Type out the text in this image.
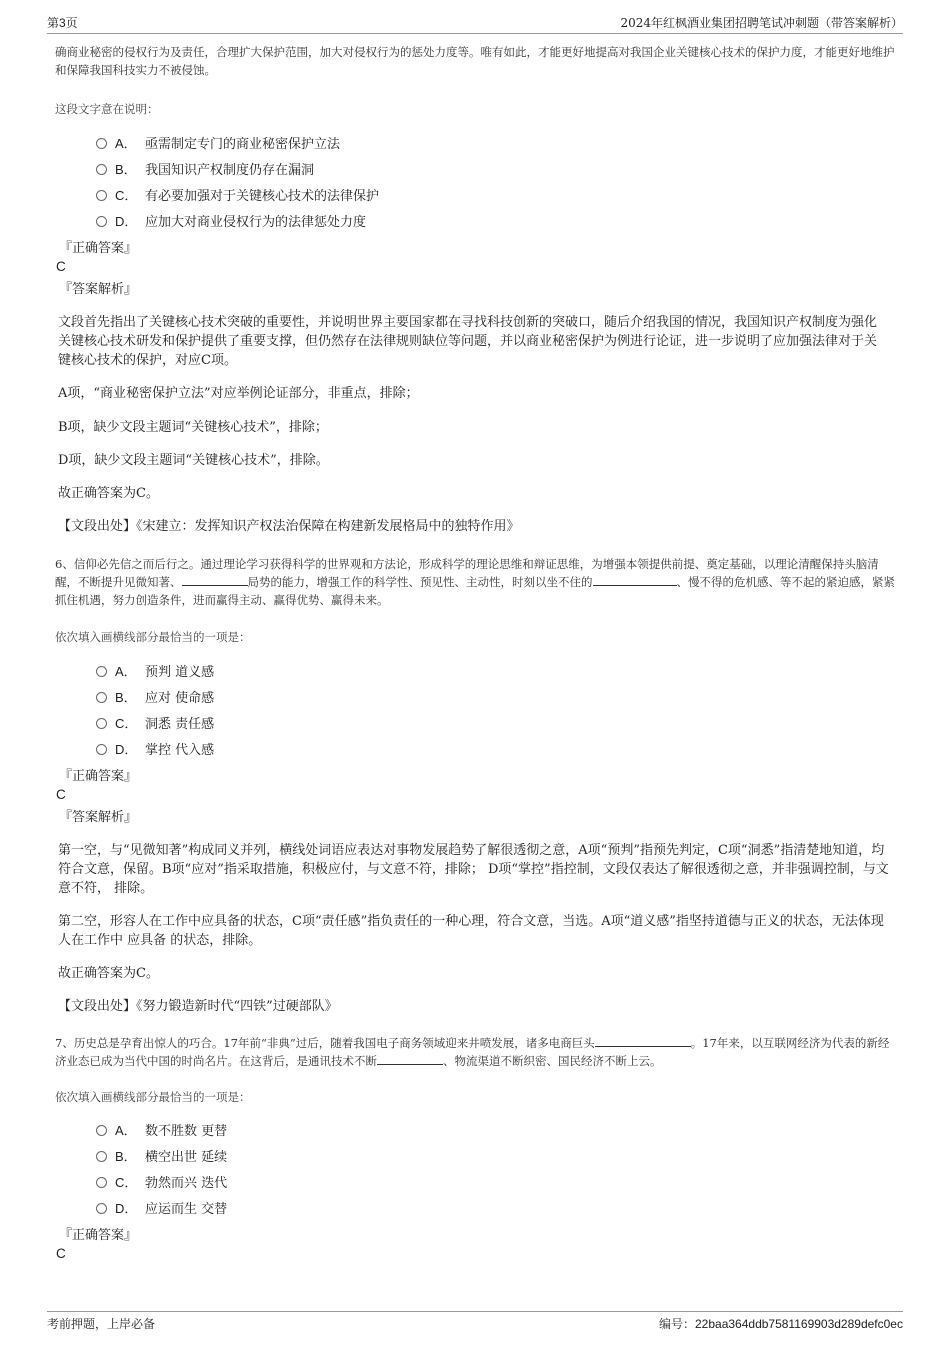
第3页	2024年红枫酒业集团招聘笔试冲刺题（带答案解析）
确商业秘密的侵权行为及责任，合理扩大保护范围，加大对侵权行为的惩处力度等。唯有如此，才能更好地提高对我国企业关键核心技术的保护力度，才能更好地维护和保障我国科技实力不被侵蚀。
这段文字意在说明：
A． 亟需制定专门的商业秘密保护立法
B． 我国知识产权制度仍存在漏洞
C． 有必要加强对于关键核心技术的法律保护
D． 应加大对商业侵权行为的法律惩处力度
『正确答案』
C
『答案解析』
文段首先指出了关键核心技术突破的重要性，并说明世界主要国家都在寻找科技创新的突破口，随后介绍我国的情况，我国知识产权制度为强化关键核心技术研发和保护提供了重要支撑，但仍然存在法律规则缺位等问题，并以商业秘密保护为例进行论证，进一步说明了应加强法律对于关键核心技术的保护，对应C项。
A项，“商业秘密保护立法”对应举例论证部分，非重点，排除；
B项，缺少文段主题词“关键核心技术”，排除；
D项，缺少文段主题词“关键核心技术”，排除。
故正确答案为C。
【文段出处】《宋建立：发挥知识产权法治保障在构建新发展格局中的独特作用》
6、信仰必先信之而后行之。通过理论学习获得科学的世界观和方法论，形成科学的理论思维和辩证思维，为增强本领提供前提、奠定基础，以理论清醒保持头脑清醒，不断提升见微知著、	局势的能力，增强工作的科学性、预见性、主动性，时刻以坐不住的	、慢不得的危机感、等不起的紧迫感，紧紧抓住机遇，努力创造条件，进而赢得主动、赢得优势、赢得未来。
依次填入画横线部分最恰当的一项是：
A． 预判 道义感
B． 应对 使命感
C． 洞悉 责任感
D． 掌控 代入感
『正确答案』
C
『答案解析』
第一空，与“见微知著”构成同义并列，横线处词语应表达对事物发展趋势了解很透彻之意，A项“预判”指预先判定，C项“洞悉”指清楚地知道，均符合文意，保留。B项“应对”指采取措施，积极应付，与文意不符，排除； D项“掌控”指控制，文段仅表达了解很透彻之意，并非强调控制，与文意不符， 排除。
第二空，形容人在工作中应具备的状态，C项“责任感”指负责任的一种心理，符合文意，当选。A项“道义感”指坚持道德与正义的状态，无法体现人在工作中 应具备 的状态，排除。
故正确答案为C。
【文段出处】《努力锻造新时代“四铁”过硬部队》
7、历史总是孕育出惊人的巧合。17年前“非典”过后，随着我国电子商务领域迎来井喷发展，诸多电商巨头	。17年来，以互联网经济为代表的新经济业态已成为当代中国的时尚名片。在这背后，是通讯技术不断	、物流渠道不断织密、国民经济不断上云。
依次填入画横线部分最恰当的一项是：
A． 数不胜数 更替
B． 横空出世 延续
C． 勃然而兴 迭代
D． 应运而生 交替
『正确答案』
C
考前押题，上岸必备	编号：22baa364ddb7581169903d289defc0ec
